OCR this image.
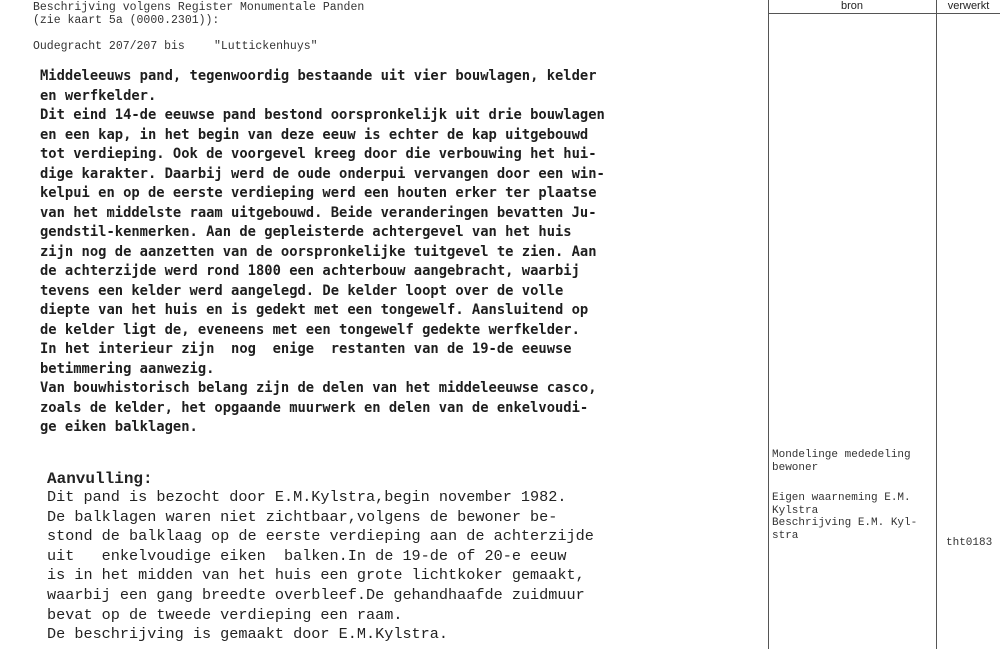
bron	verwerkt
Beschrijving volgens Register Monumentale Panden
(zie kaart 5a (0000.2301)):
Oudegracht 207/207 bis	"Luttickenhuys"
Middeleeuws pand, tegenwoordig bestaande uit vier bouwlagen, kelder
en werfkelder.
Dit eind 14-de eeuwse pand bestond oorspronkelijk uit drie bouwlagen
en een kap, in het begin van deze eeuw is echter de kap uitgebouwd
tot verdieping. Ook de voorgevel kreeg door die verbouwing het hui-
dige karakter. Daarbij werd de oude onderpui vervangen door een win-
kelpui en op de eerste verdieping werd een houten erker ter plaatse
van het middelste raam uitgebouwd. Beide veranderingen bevatten Ju-
gendstil-kenmerken. Aan de gepleisterde achtergevel van het huis
zijn nog de aanzetten van de oorspronkelijke tuitgevel te zien. Aan
de achterzijde werd rond 1800 een achterbouw aangebracht, waarbij
tevens een kelder werd aangelegd. De kelder loopt over de volle
diepte van het huis en is gedekt met een tongewelf. Aansluitend op
de kelder ligt de, eveneens met een tongewelf gedekte werfkelder.
In het interieur zijn  nog  enige  restanten van de 19-de eeuwse
betimmering aanwezig.
Van bouwhistorisch belang zijn de delen van het middeleeuwse casco,
zoals de kelder, het opgaande muurwerk en delen van de enkelvoudi-
ge eiken balklagen.
Aanvulling:
Dit pand is bezocht door E.M.Kylstra,begin november 1982.
De balklagen waren niet zichtbaar,volgens de bewoner be-
stond de balklaag op de eerste verdieping aan de achterzijde
uit   enkelvoudige eiken  balken.In de 19-de of 20-e eeuw
is in het midden van het huis een grote lichtkoker gemaakt,
waarbij een gang breedte overbleef.De gehandhaafde zuidmuur
bevat op de tweede verdieping een raam.
De beschrijving is gemaakt door E.M.Kylstra.
Mondelinge mededeling
bewoner
Eigen waarneming E.M.
Kylstra
Beschrijving E.M. Kyl-
stra
tht0183
